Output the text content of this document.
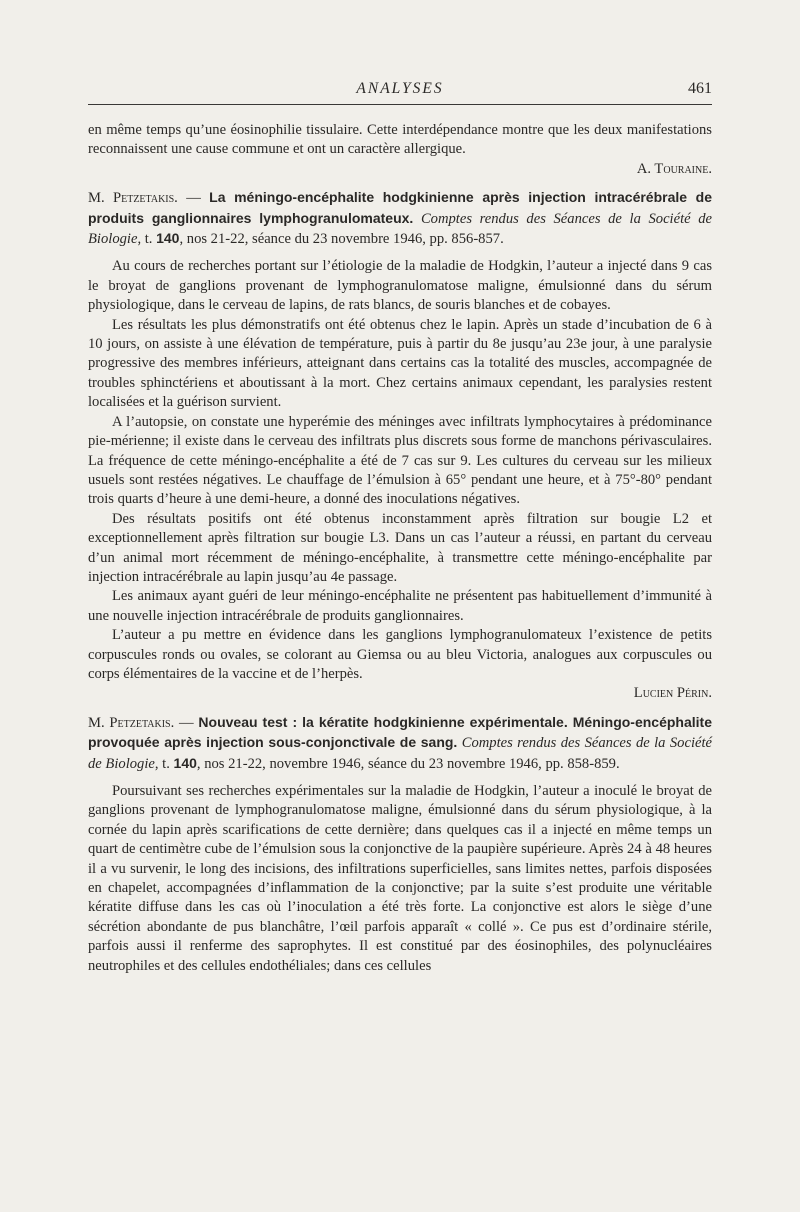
ANALYSES	461

en même temps qu’une éosinophilie tissulaire. Cette interdépendance montre que les deux manifestations reconnaissent une cause commune et ont un caractère allergique.

A. Touraine.

M. Petzetakis. — La méningo-encéphalite hodgkinienne après injection intracérébrale de produits ganglionnaires lymphogranulomateux. Comptes rendus des Séances de la Société de Biologie, t. 140, nos 21-22, séance du 23 novembre 1946, pp. 856-857.

Au cours de recherches portant sur l’étiologie de la maladie de Hodgkin, l’auteur a injecté dans 9 cas le broyat de ganglions provenant de lymphogranulomatose maligne, émulsionné dans du sérum physiologique, dans le cerveau de lapins, de rats blancs, de souris blanches et de cobayes.

Les résultats les plus démonstratifs ont été obtenus chez le lapin. Après un stade d’incubation de 6 à 10 jours, on assiste à une élévation de température, puis à partir du 8e jusqu’au 23e jour, à une paralysie progressive des membres inférieurs, atteignant dans certains cas la totalité des muscles, accompagnée de troubles sphinctériens et aboutissant à la mort. Chez certains animaux cependant, les paralysies restent localisées et la guérison survient.

A l’autopsie, on constate une hyperémie des méninges avec infiltrats lymphocytaires à prédominance pie-mérienne; il existe dans le cerveau des infiltrats plus discrets sous forme de manchons périvasculaires. La fréquence de cette méningo-encéphalite a été de 7 cas sur 9. Les cultures du cerveau sur les milieux usuels sont restées négatives. Le chauffage de l’émulsion à 65° pendant une heure, et à 75°-80° pendant trois quarts d’heure à une demi-heure, a donné des inoculations négatives.

Des résultats positifs ont été obtenus inconstamment après filtration sur bougie L2 et exceptionnellement après filtration sur bougie L3. Dans un cas l’auteur a réussi, en partant du cerveau d’un animal mort récemment de méningo-encéphalite, à transmettre cette méningo-encéphalite par injection intracérébrale au lapin jusqu’au 4e passage.

Les animaux ayant guéri de leur méningo-encéphalite ne présentent pas habituellement d’immunité à une nouvelle injection intracérébrale de produits ganglionnaires.

L’auteur a pu mettre en évidence dans les ganglions lymphogranulomateux l’existence de petits corpuscules ronds ou ovales, se colorant au Giemsa ou au bleu Victoria, analogues aux corpuscules ou corps élémentaires de la vaccine et de l’herpès.

Lucien Périn.

M. Petzetakis. — Nouveau test : la kératite hodgkinienne expérimentale. Méningo-encéphalite provoquée après injection sous-conjonctivale de sang. Comptes rendus des Séances de la Société de Biologie, t. 140, nos 21-22, novembre 1946, séance du 23 novembre 1946, pp. 858-859.

Poursuivant ses recherches expérimentales sur la maladie de Hodgkin, l’auteur a inoculé le broyat de ganglions provenant de lymphogranulomatose maligne, émulsionné dans du sérum physiologique, à la cornée du lapin après scarifications de cette dernière; dans quelques cas il a injecté en même temps un quart de centimètre cube de l’émulsion sous la conjonctive de la paupière supérieure. Après 24 à 48 heures il a vu survenir, le long des incisions, des infiltrations superficielles, sans limites nettes, parfois disposées en chapelet, accompagnées d’inflammation de la conjonctive; par la suite s’est produite une véritable kératite diffuse dans les cas où l’inoculation a été très forte. La conjonctive est alors le siège d’une sécrétion abondante de pus blanchâtre, l’œil parfois apparaît « collé ». Ce pus est d’ordinaire stérile, parfois aussi il renferme des saprophytes. Il est constitué par des éosinophiles, des polynucléaires neutrophiles et des cellules endothéliales; dans ces cellules
